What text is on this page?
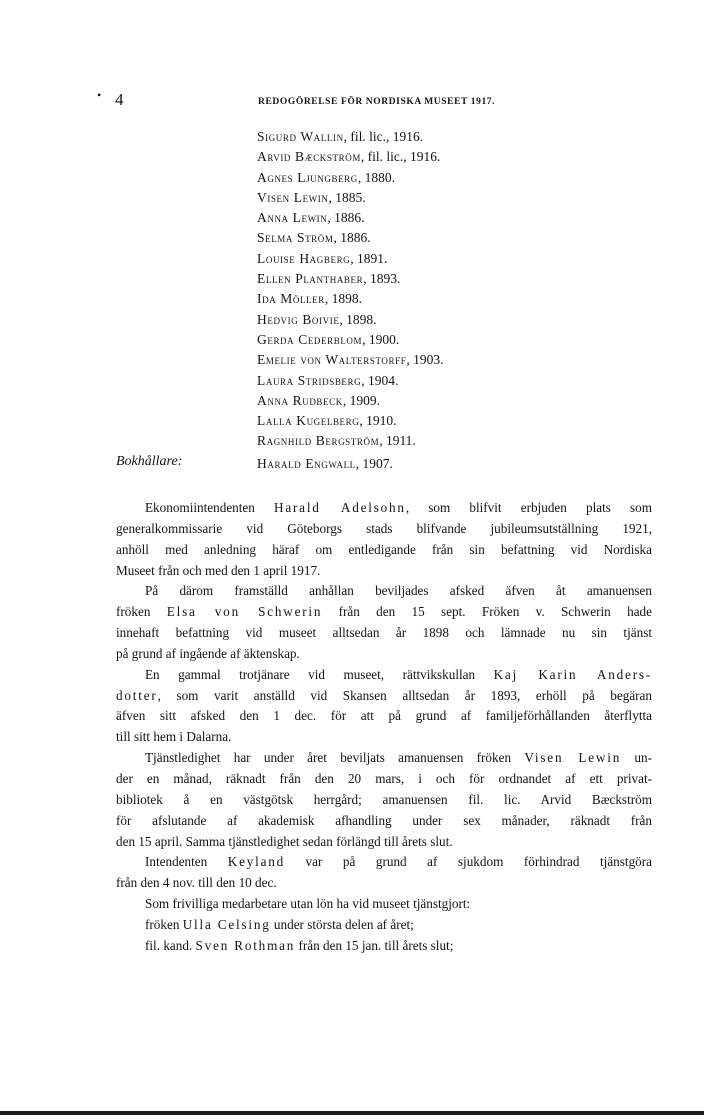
• 4	REDOGÖRELSE FÖR NORDISKA MUSEET 1917.
Sigurd Wallin, fil. lic., 1916.
Arvid Bæckström, fil. lic., 1916.
Agnes Ljungberg, 1880.
Visen Lewin, 1885.
Anna Lewin, 1886.
Selma Ström, 1886.
Louise Hagberg, 1891.
Ellen Planthaber, 1893.
Ida Möller, 1898.
Hedvig Boivie, 1898.
Gerda Cederblom, 1900.
Emelie von Walterstorff, 1903.
Laura Stridsberg, 1904.
Anna Rudbeck, 1909.
Lalla Kugelberg, 1910.
Ragnhild Bergström, 1911.
Bokhållare:	Harald Engwall, 1907.
Ekonomiintendenten Harald Adelsohn, som blifvit erbjuden plats som
generalkommissarie vid Göteborgs stads blifvande jubileumsutställning 1921,
anhöll med anledning häraf om entledigande från sin befattning vid Nordiska
Museet från och med den 1 april 1917.
På därom framställd anhållan beviljades afsked äfven åt amanuensen
fröken Elsa von Schwerin från den 15 sept. Fröken v. Schwerin hade
innehaft befattning vid museet alltsedan år 1898 och lämnade nu sin tjänst
på grund af ingående af äktenskap.
En gammal trotjänare vid museet, rättvikskullan Kaj Karin Anders-
dotter, som varit anställd vid Skansen alltsedan år 1893, erhöll på begäran
äfven sitt afsked den 1 dec. för att på grund af familjeförhållanden återflytta
till sitt hem i Dalarna.
Tjänstledighet har under året beviljats amanuensen fröken Visen Lewin un-
der en månad, räknadt från den 20 mars, i och för ordnandet af ett privat-
bibliotek å en västgötsk herrgård; amanuensen fil. lic. Arvid Bæckström
för afslutande af akademisk afhandling under sex månader, räknadt från
den 15 april. Samma tjänstledighet sedan förlängd till årets slut.
Intendenten Keyland var på grund af sjukdom förhindrad tjänstgöra
från den 4 nov. till den 10 dec.
Som frivilliga medarbetare utan lön ha vid museet tjänstgjort:
fröken Ulla Celsing under största delen af året;
fil. kand. Sven Rothman från den 15 jan. till årets slut;
